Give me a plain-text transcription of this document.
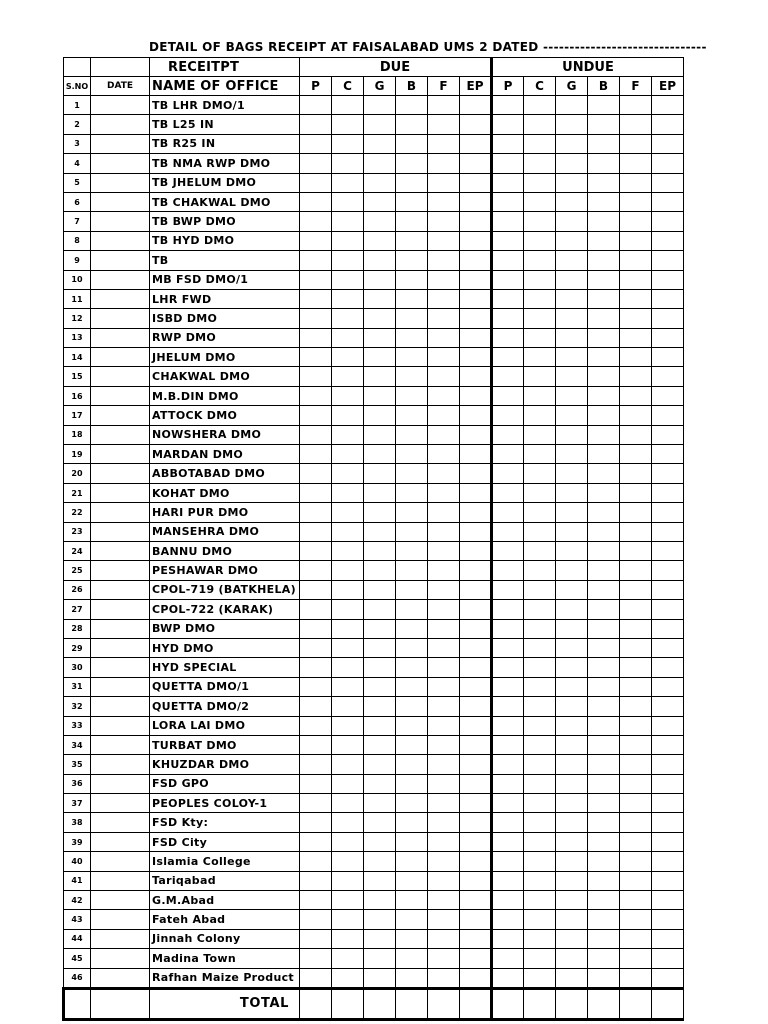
DETAIL OF BAGS RECEIPT AT FAISALABAD UMS 2 DATED -------------------------------
		RECEITPT	DUE						UNDUE					
S.NO	DATE	NAME OF OFFICE	P	C	G	B	F	EP	P	C	G	B	F	EP
1		TB LHR DMO/1												
2		TB L25 IN												
3		TB R25 IN												
4		TB NMA RWP DMO												
5		TB JHELUM DMO												
6		TB CHAKWAL DMO												
7		TB BWP DMO												
8		TB HYD DMO												
9		TB												
10		MB FSD DMO/1												
11		LHR FWD												
12		ISBD DMO												
13		RWP DMO												
14		JHELUM DMO												
15		CHAKWAL DMO												
16		M.B.DIN DMO												
17		ATTOCK DMO												
18		NOWSHERA DMO												
19		MARDAN DMO												
20		ABBOTABAD DMO												
21		KOHAT DMO												
22		HARI PUR DMO												
23		MANSEHRA DMO												
24		BANNU DMO												
25		PESHAWAR DMO												
26		CPOL-719 (BATKHELA)												
27		CPOL-722 (KARAK)												
28		BWP DMO												
29		HYD DMO												
30		HYD SPECIAL												
31		QUETTA DMO/1												
32		QUETTA DMO/2												
33		LORA LAI DMO												
34		TURBAT DMO												
35		KHUZDAR DMO												
36		FSD GPO												
37		PEOPLES COLOY-1												
38		FSD Kty:												
39		FSD City												
40		Islamia College												
41		Tariqabad												
42		G.M.Abad												
43		Fateh Abad												
44		Jinnah Colony												
45		Madina Town												
46		Rafhan Maize Product												
		TOTAL												
